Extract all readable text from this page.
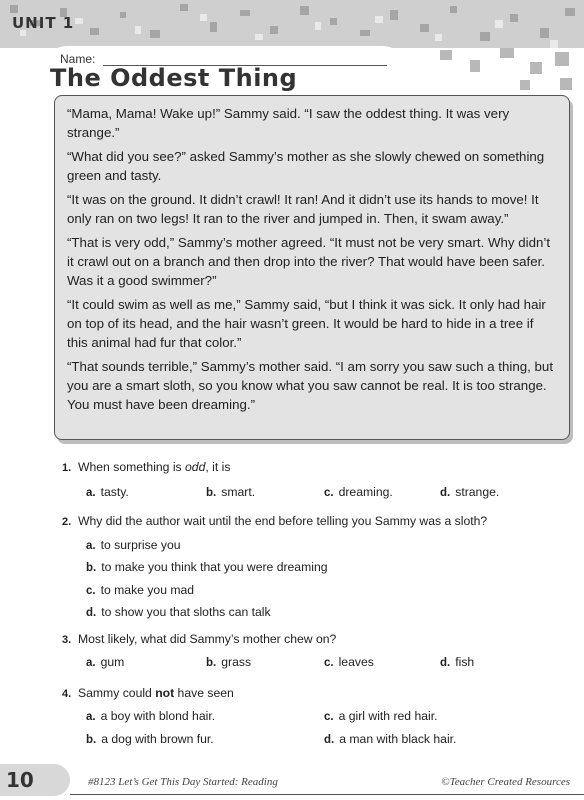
UNIT 1
Name:
The Oddest Thing

“Mama, Mama! Wake up!” Sammy said. “I saw the oddest thing. It was very strange.”

“What did you see?” asked Sammy’s mother as she slowly chewed on something green and tasty.

“It was on the ground. It didn’t crawl! It ran! And it didn’t use its hands to move! It only ran on two legs! It ran to the river and jumped in. Then, it swam away.”

“That is very odd,” Sammy’s mother agreed. “It must not be very smart. Why didn’t it crawl out on a branch and then drop into the river? That would have been safer. Was it a good swimmer?”

“It could swim as well as me,” Sammy said, “but I think it was sick. It only had hair on top of its head, and the hair wasn’t green. It would be hard to hide in a tree if this animal had fur that color.”

“That sounds terrible,” Sammy’s mother said. “I am sorry you saw such a thing, but you are a smart sloth, so you know what you saw cannot be real. It is too strange. You must have been dreaming.”

1. When something is odd, it is
a. tasty.	b. smart.	c. dreaming.	d. strange.
2. Why did the author wait until the end before telling you Sammy was a sloth?
a. to surprise you
b. to make you think that you were dreaming
c. to make you mad
d. to show you that sloths can talk
3. Most likely, what did Sammy’s mother chew on?
a. gum	b. grass	c. leaves	d. fish
4. Sammy could not have seen
a. a boy with blond hair.	c. a girl with red hair.
b. a dog with brown fur.	d. a man with black hair.
10	#8123 Let’s Get This Day Started: Reading	©Teacher Created Resources
